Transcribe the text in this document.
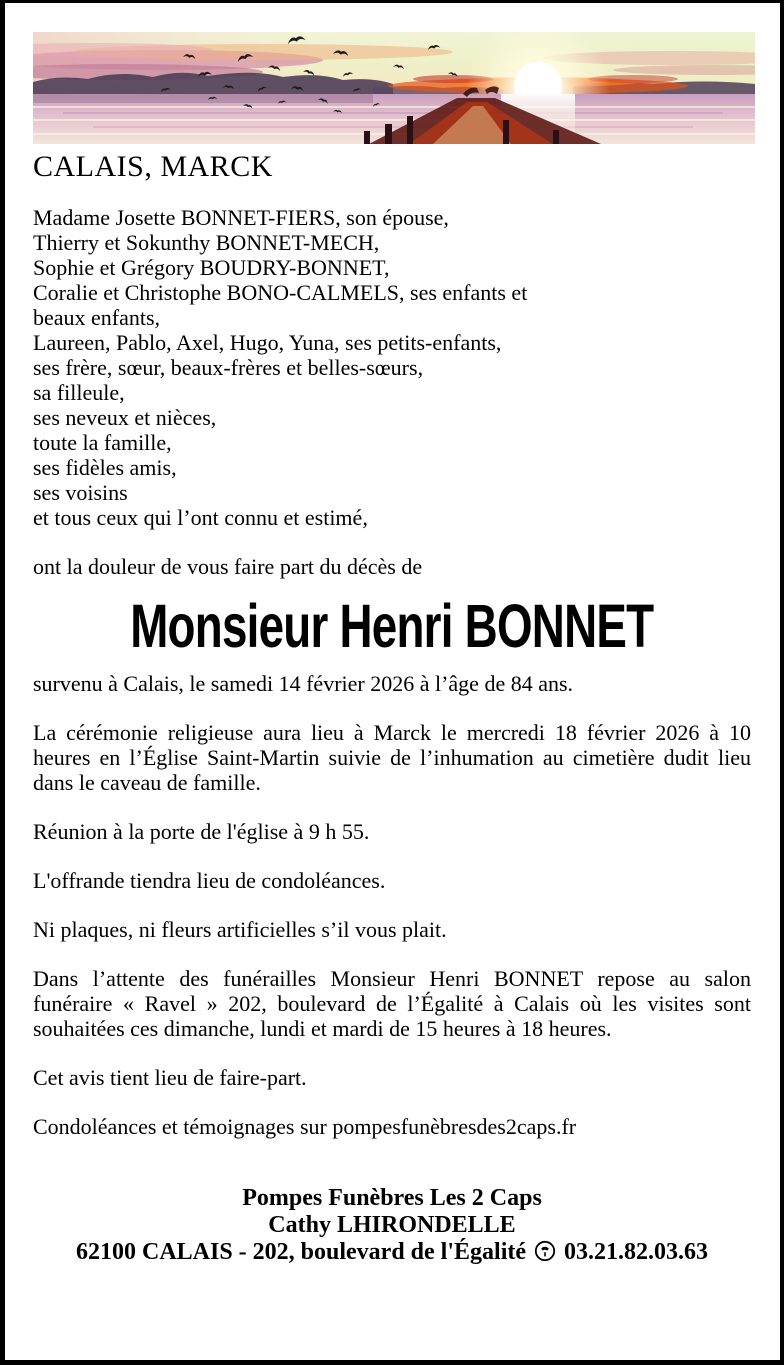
CALAIS, MARCK
Madame Josette BONNET-FIERS, son épouse,
Thierry et Sokunthy BONNET-MECH,
Sophie et Grégory BOUDRY-BONNET,
Coralie et Christophe BONO-CALMELS, ses enfants et
beaux enfants,
Laureen, Pablo, Axel, Hugo, Yuna, ses petits-enfants,
ses frère, sœur, beaux-frères et belles-sœurs,
sa filleule,
ses neveux et nièces,
toute la famille,
ses fidèles amis,
ses voisins
et tous ceux qui l’ont connu et estimé,

ont la douleur de vous faire part du décès de

Monsieur Henri BONNET

survenu à Calais, le samedi 14 février 2026 à l’âge de 84 ans.

La cérémonie religieuse aura lieu à Marck le mercredi 18 février 2026 à 10 heures en l’Église Saint-Martin suivie de l’inhumation au cimetière dudit lieu dans le caveau de famille.

Réunion à la porte de l'église à 9 h 55.

L'offrande tiendra lieu de condoléances.

Ni plaques, ni fleurs artificielles s’il vous plait.

Dans l’attente des funérailles Monsieur Henri BONNET repose au salon funéraire « Ravel » 202, boulevard de l’Égalité à Calais où les visites sont souhaitées ces dimanche, lundi et mardi de 15 heures à 18 heures.

Cet avis tient lieu de faire-part.

Condoléances et témoignages sur pompesfunèbresdes2caps.fr

Pompes Funèbres Les 2 Caps
Cathy LHIRONDELLE
62100 CALAIS - 202, boulevard de l'Égalité 03.21.82.03.63
